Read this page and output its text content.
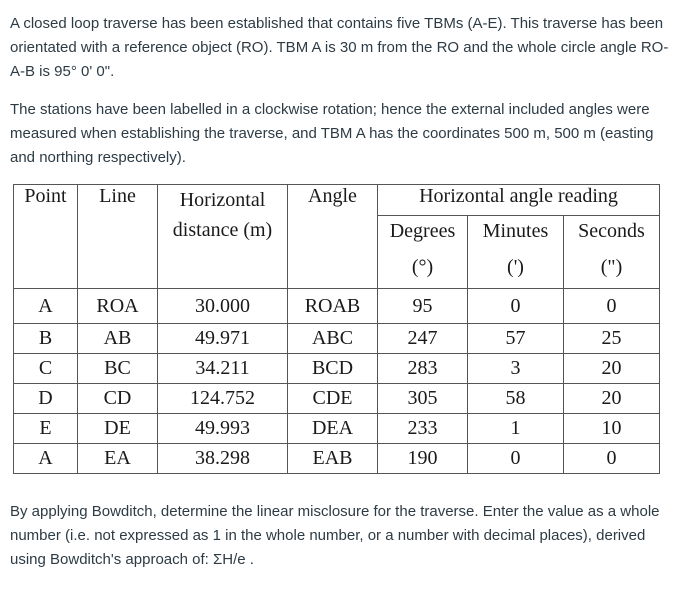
A closed loop traverse has been established that contains five TBMs (A-E). This traverse has been orientated with a reference object (RO). TBM A is 30 m from the RO and the whole circle angle RO-A-B is 95° 0' 0".

The stations have been labelled in a clockwise rotation; hence the external included angles were measured when establishing the traverse, and TBM A has the coordinates 500 m, 500 m (easting and northing respectively).

Point	Line	Horizontal distance (m)	Angle	Horizontal angle reading		
				Degrees	Minutes	Seconds
				(°)	(')	(")
A	ROA	30.000	ROAB	95	0	0
B	AB	49.971	ABC	247	57	25
C	BC	34.211	BCD	283	3	20
D	CD	124.752	CDE	305	58	20
E	DE	49.993	DEA	233	1	10
A	EA	38.298	EAB	190	0	0

By applying Bowditch, determine the linear misclosure for the traverse. Enter the value as a whole number (i.e. not expressed as 1 in the whole number, or a number with decimal places), derived using Bowditch's approach of: ΣH/e .
